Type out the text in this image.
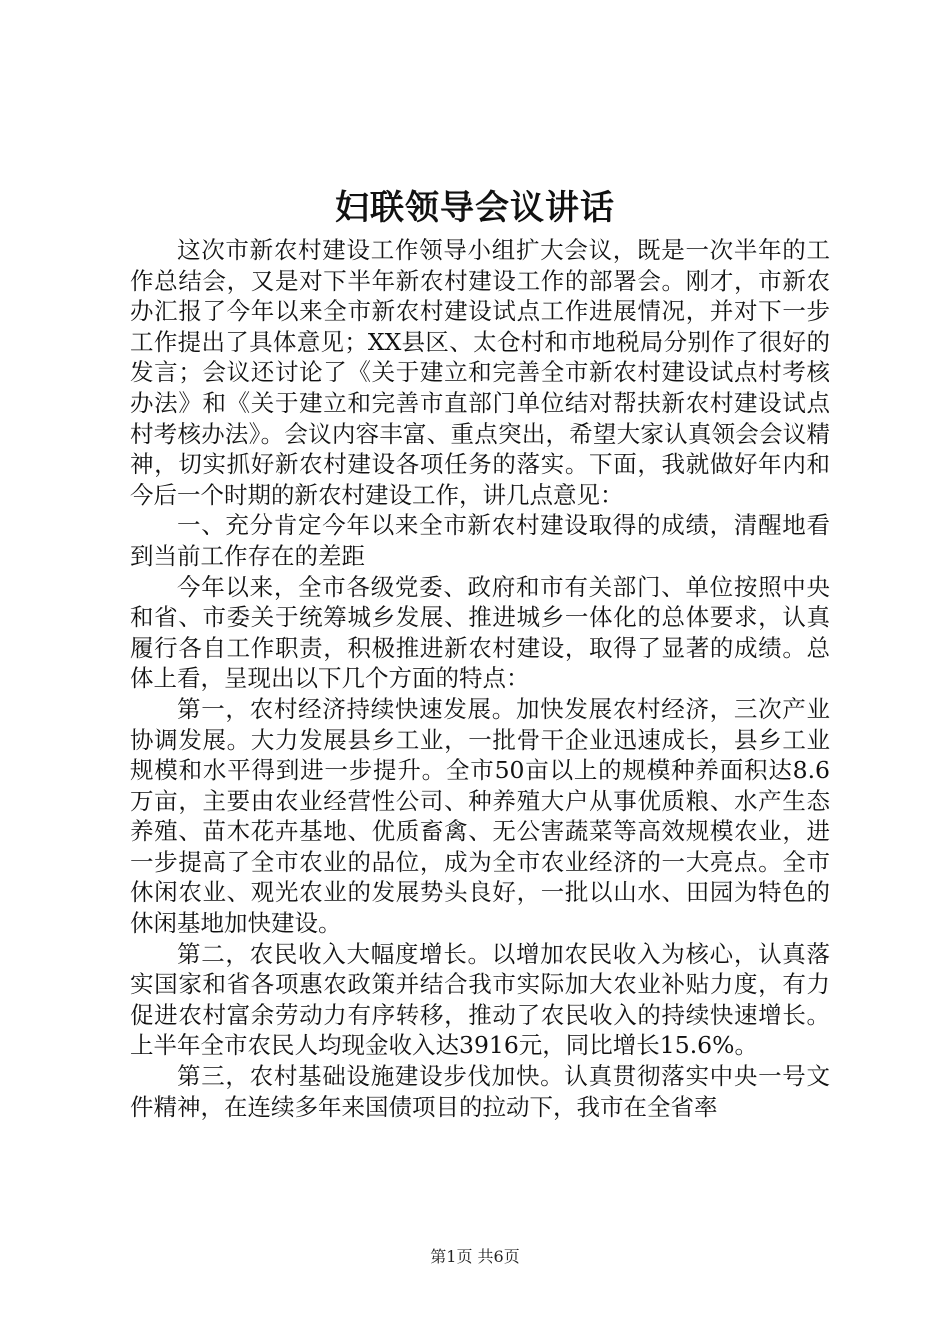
妇联领导会议讲话

这次市新农村建设工作领导小组扩大会议，既是一次半年的工作总结会，又是对下半年新农村建设工作的部署会。刚才，市新农办汇报了今年以来全市新农村建设试点工作进展情况，并对下一步工作提出了具体意见；XX县区、太仓村和市地税局分别作了很好的发言；会议还讨论了《关于建立和完善全市新农村建设试点村考核办法》和《关于建立和完善市直部门单位结对帮扶新农村建设试点村考核办法》。会议内容丰富、重点突出，希望大家认真领会会议精神，切实抓好新农村建设各项任务的落实。下面，我就做好年内和今后一个时期的新农村建设工作，讲几点意见：

一、充分肯定今年以来全市新农村建设取得的成绩，清醒地看到当前工作存在的差距

今年以来，全市各级党委、政府和市有关部门、单位按照中央和省、市委关于统筹城乡发展、推进城乡一体化的总体要求，认真履行各自工作职责，积极推进新农村建设，取得了显著的成绩。总体上看，呈现出以下几个方面的特点：

第一，农村经济持续快速发展。加快发展农村经济，三次产业协调发展。大力发展县乡工业，一批骨干企业迅速成长，县乡工业规模和水平得到进一步提升。全市50亩以上的规模种养面积达8.6万亩，主要由农业经营性公司、种养殖大户从事优质粮、水产生态养殖、苗木花卉基地、优质畜禽、无公害蔬菜等高效规模农业，进一步提高了全市农业的品位，成为全市农业经济的一大亮点。全市休闲农业、观光农业的发展势头良好，一批以山水、田园为特色的休闲基地加快建设。

第二，农民收入大幅度增长。以增加农民收入为核心，认真落实国家和省各项惠农政策并结合我市实际加大农业补贴力度，有力促进农村富余劳动力有序转移，推动了农民收入的持续快速增长。上半年全市农民人均现金收入达3916元，同比增长15.6%。

第三，农村基础设施建设步伐加快。认真贯彻落实中央一号文件精神，在连续多年来国债项目的拉动下，我市在全省率

第1页 共6页
